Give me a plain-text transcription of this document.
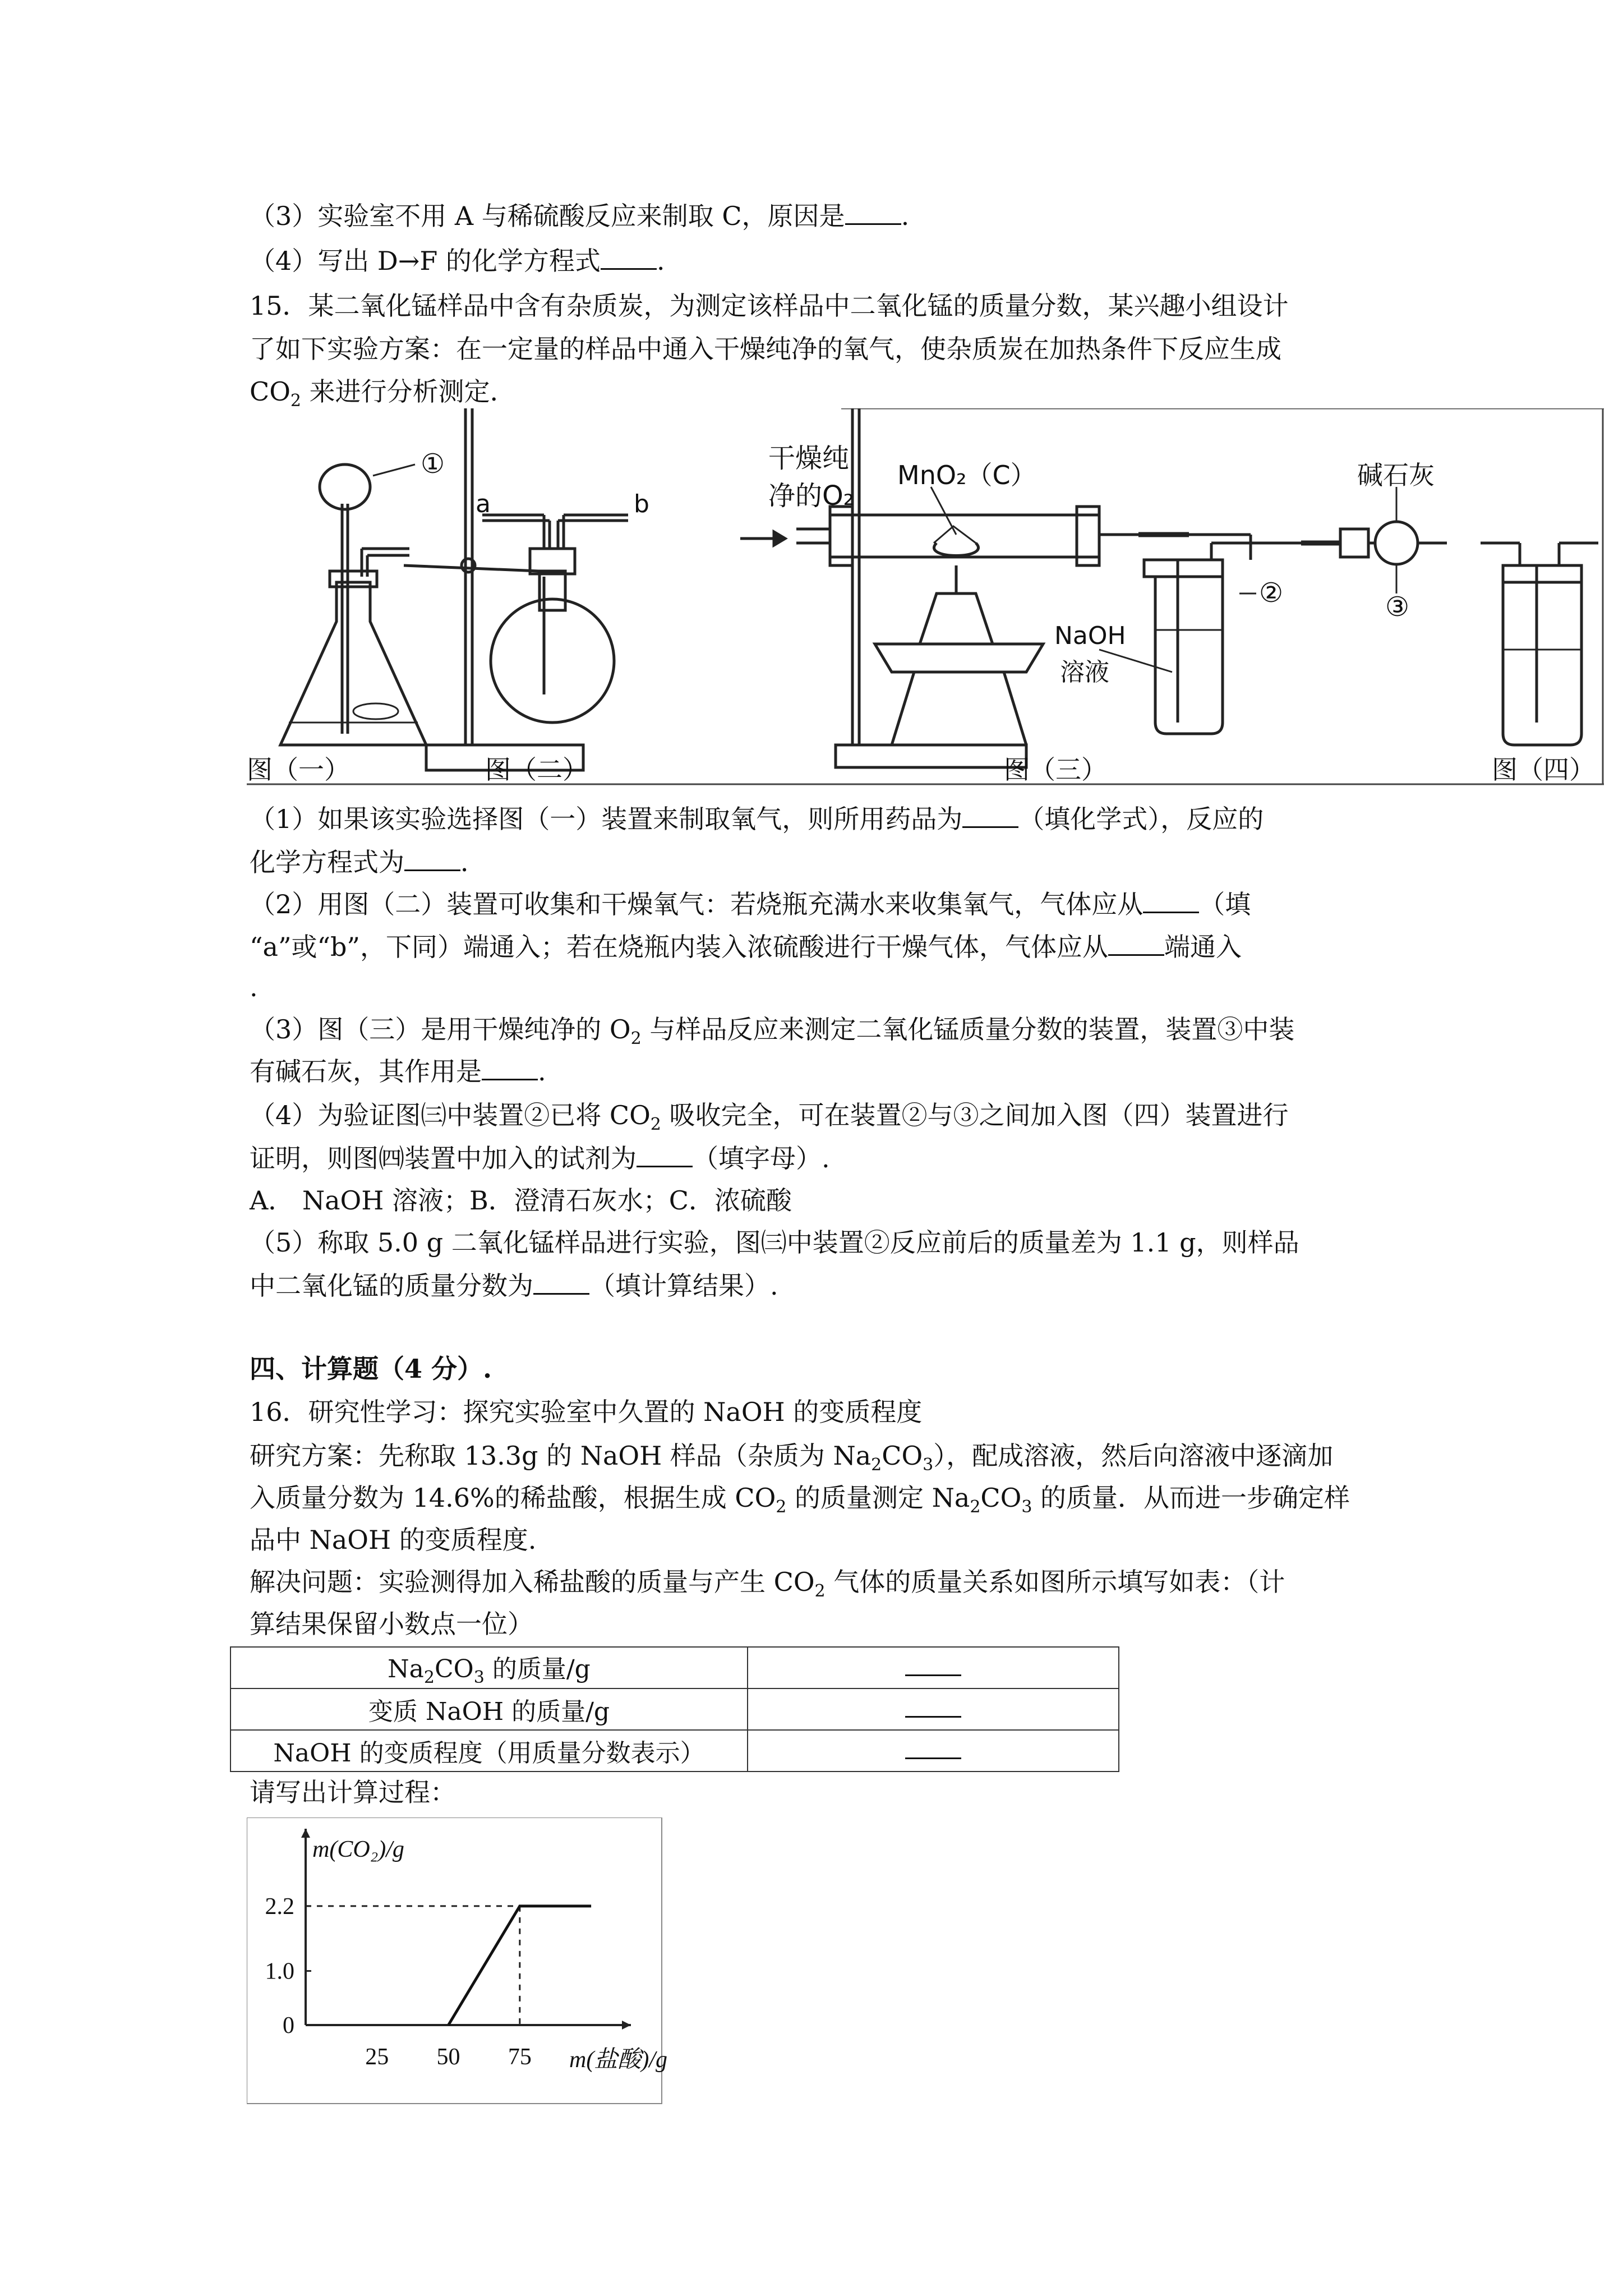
（3）实验室不用 A 与稀硫酸反应来制取 C，原因是 .
（4）写出 D→F 的化学方程式 .
15．某二氧化锰样品中含有杂质炭，为测定该样品中二氧化锰的质量分数，某兴趣小组设计
了如下实验方案：在一定量的样品中通入干燥纯净的氧气，使杂质炭在加热条件下反应生成
$CO_2$ 来进行分析测定．
①
a	b
干燥纯
净的O₂
MnO₂（C）	碱石灰
②	③
NaOH
溶液
图（一）	图（二）	图（三）	图（四）
（1）如果该实验选择图（一）装置来制取氧气，则所用药品为 （填化学式），反应的
化学方程式为 ．
（2）用图（二）装置可收集和干燥氧气：若烧瓶充满水来收集氧气，气体应从 （填
“a”或“b”，下同）端通入；若在烧瓶内装入浓硫酸进行干燥气体，气体应从 端通入
.
（3）图（三）是用干燥纯净的 $O_2$ 与样品反应来测定二氧化锰质量分数的装置，装置③中装
有碱石灰，其作用是 .
（4）为验证图㈢中装置②已将 $CO_2$ 吸收完全，可在装置②与③之间加入图（四）装置进行
证明，则图㈣装置中加入的试剂为 （填字母）.
A． NaOH 溶液；B．澄清石灰水；C．浓硫酸
（5）称取 5.0 g 二氧化锰样品进行实验，图㈢中装置②反应前后的质量差为 1.1 g，则样品
中二氧化锰的质量分数为 （填计算结果）.
四、计算题（4 分）.
16．研究性学习：探究实验室中久置的 NaOH 的变质程度
研究方案：先称取 13.3g 的 NaOH 样品（杂质为 $Na_2CO_3$），配成溶液，然后向溶液中逐滴加
入质量分数为 14.6%的稀盐酸，根据生成 $CO_2$ 的质量测定 $Na_2CO_3$ 的质量．从而进一步确定样
品中 NaOH 的变质程度.
解决问题：实验测得加入稀盐酸的质量与产生 $CO_2$ 气体的质量关系如图所示填写如表：（计
算结果保留小数点一位）
$Na_2CO_3$ 的质量/g	
变质 NaOH 的质量/g	
NaOH 的变质程度（用质量分数表示）	
请写出计算过程：
m(CO₂)/g
m(盐酸)/g
0
1.0
2.2
25 50 75
